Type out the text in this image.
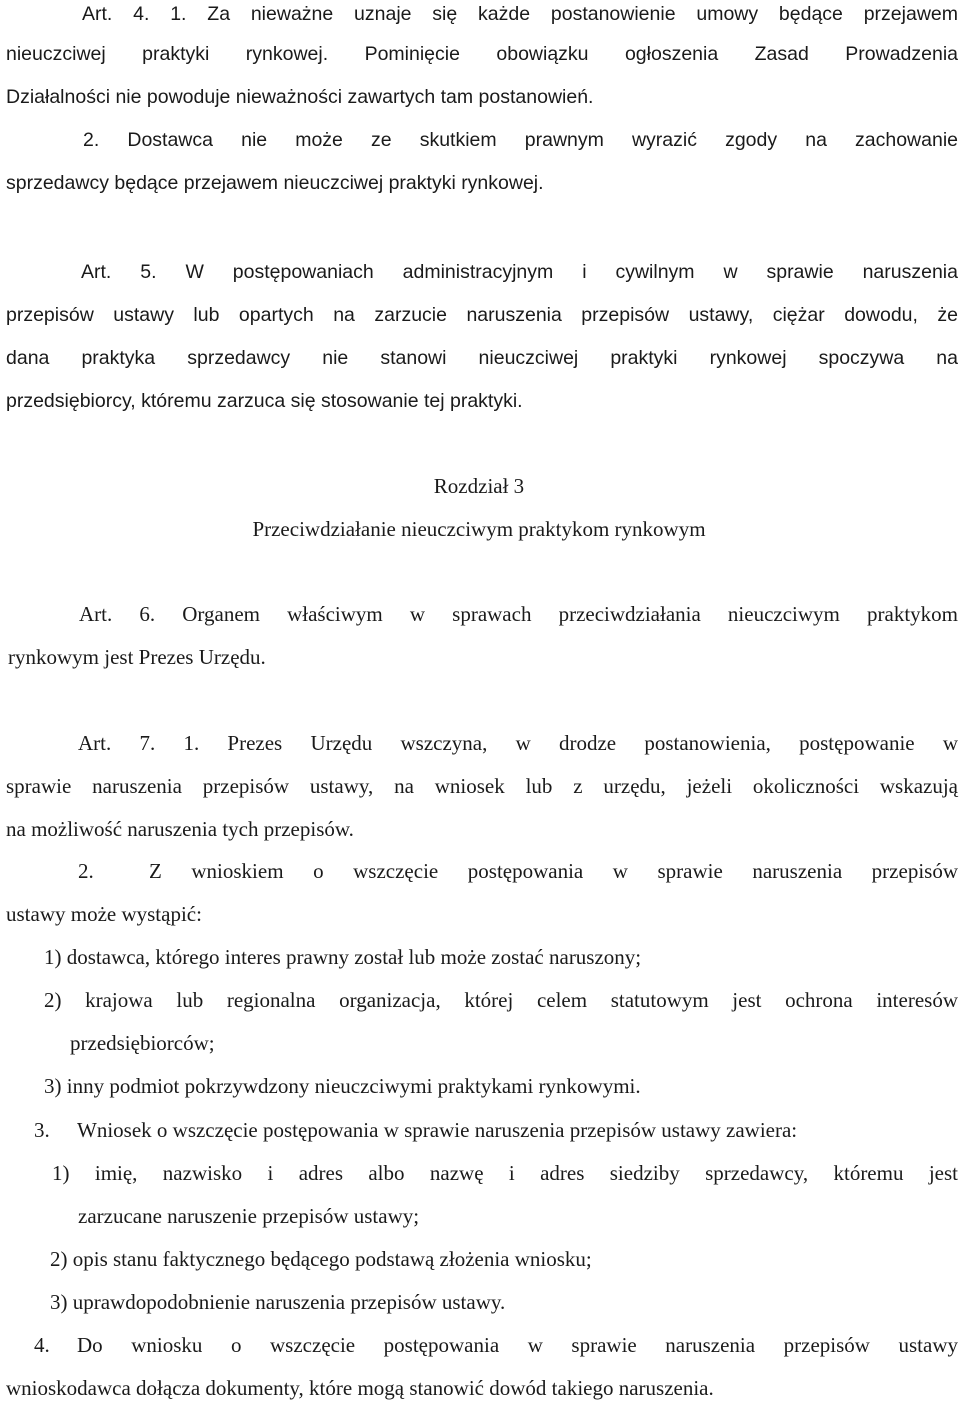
Art. 4. 1. Za nieważne uznaje się każde postanowienie umowy będące przejawem
nieuczciwej praktyki rynkowej. Pominięcie obowiązku ogłoszenia Zasad Prowadzenia
Działalności nie powoduje nieważności zawartych tam postanowień.
2. Dostawca nie może ze skutkiem prawnym wyrazić zgody na zachowanie
sprzedawcy będące przejawem nieuczciwej praktyki rynkowej.
Art. 5. W postępowaniach administracyjnym i cywilnym w sprawie naruszenia
przepisów ustawy lub opartych na zarzucie naruszenia przepisów ustawy, ciężar dowodu, że
dana praktyka sprzedawcy nie stanowi nieuczciwej praktyki rynkowej spoczywa na
przedsiębiorcy, któremu zarzuca się stosowanie tej praktyki.
Rozdział 3
Przeciwdziałanie nieuczciwym praktykom rynkowym
Art. 6. Organem właściwym w sprawach przeciwdziałania nieuczciwym praktykom
rynkowym jest Prezes Urzędu.
Art. 7. 1. Prezes Urzędu wszczyna, w drodze postanowienia, postępowanie w
sprawie naruszenia przepisów ustawy, na wniosek lub z urzędu, jeżeli okoliczności wskazują
na możliwość naruszenia tych przepisów.
2.	Z wnioskiem o wszczęcie postępowania w sprawie naruszenia przepisów
ustawy może wystąpić:
1) dostawca, którego interes prawny został lub może zostać naruszony;
2) krajowa lub regionalna organizacja, której celem statutowym jest ochrona interesów
przedsiębiorców;
3) inny podmiot pokrzywdzony nieuczciwymi praktykami rynkowymi.
3.	Wniosek o wszczęcie postępowania w sprawie naruszenia przepisów ustawy zawiera:
1) imię, nazwisko i adres albo nazwę i adres siedziby sprzedawcy, któremu jest
zarzucane naruszenie przepisów ustawy;
2) opis stanu faktycznego będącego podstawą złożenia wniosku;
3) uprawdopodobnienie naruszenia przepisów ustawy.
4.	Do wniosku o wszczęcie postępowania w sprawie naruszenia przepisów ustawy
wnioskodawca dołącza dokumenty, które mogą stanowić dowód takiego naruszenia.
